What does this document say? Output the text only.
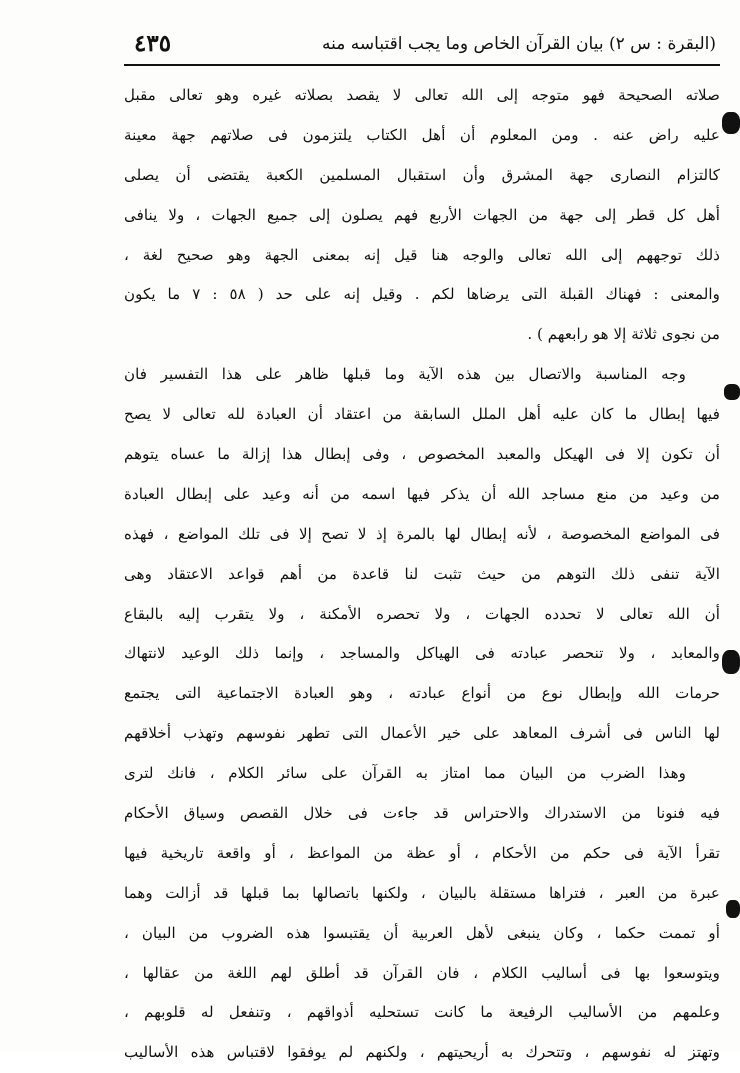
(البقرة : س ٢) بيان القرآن الخاص وما يجب اقتباسه منه
٤٣٥
صلاته الصحيحة فهو متوجه إلى الله تعالى لا يقصد بصلاته غيره وهو تعالى مقبل
عليه راض عنه . ومن المعلوم أن أهل الكتاب يلتزمون فى صلاتهم جهة معينة
كالتزام النصارى جهة المشرق وأن استقبال المسلمين الكعبة يقتضى أن يصلى
أهل كل قطر إلى جهة من الجهات الأربع فهم يصلون إلى جميع الجهات ، ولا ينافى
ذلك توجههم إلى الله تعالى والوجه هنا قيل إنه بمعنى الجهة وهو صحيح لغة ،
والمعنى : فهناك القبلة التى يرضاها لكم . وقيل إنه على حد ( ٥٨ : ٧ ما يكون
من نجوى ثلاثة إلا هو رابعهم ) .
وجه المناسبة والاتصال بين هذه الآية وما قبلها ظاهر على هذا التفسير فان
فيها إبطال ما كان عليه أهل الملل السابقة من اعتقاد أن العبادة لله تعالى لا يصح
أن تكون إلا فى الهيكل والمعبد المخصوص ، وفى إبطال هذا إزالة ما عساه يتوهم
من وعيد من منع مساجد الله أن يذكر فيها اسمه من أنه وعيد على إبطال العبادة
فى المواضع المخصوصة ، لأنه إبطال لها بالمرة إذ لا تصح إلا فى تلك المواضع ، فهذه
الآية تنفى ذلك التوهم من حيث تثبت لنا قاعدة من أهم قواعد الاعتقاد وهى
أن الله تعالى لا تحدده الجهات ، ولا تحصره الأمكنة ، ولا يتقرب إليه بالبقاع
والمعابد ، ولا تنحصر عبادته فى الهياكل والمساجد ، وإنما ذلك الوعيد لانتهاك
حرمات الله وإبطال نوع من أنواع عبادته ، وهو العبادة الاجتماعية التى يجتمع
لها الناس فى أشرف المعاهد على خير الأعمال التى تطهر نفوسهم وتهذب أخلاقهم
وهذا الضرب من البيان مما امتاز به القرآن على سائر الكلام ، فانك لترى
فيه فنونا من الاستدراك والاحتراس قد جاءت فى خلال القصص وسياق الأحكام
تقرأ الآية فى حكم من الأحكام ، أو عظة من المواعظ ، أو واقعة تاريخية فيها
عبرة من العبر ، فتراها مستقلة بالبيان ، ولكنها باتصالها بما قبلها قد أزالت وهما
أو تممت حكما ، وكان ينبغى لأهل العربية أن يقتبسوا هذه الضروب من البيان ،
ويتوسعوا بها فى أساليب الكلام ، فان القرآن قد أطلق لهم اللغة من عقالها ،
وعلمهم من الأساليب الرفيعة ما كانت تستحليه أذواقهم ، وتنفعل له قلوبهم ،
وتهتز له نفوسهم ، وتتحرك به أريحيتهم ، ولكنهم لم يوفقوا لاقتباس هذه الأساليب
